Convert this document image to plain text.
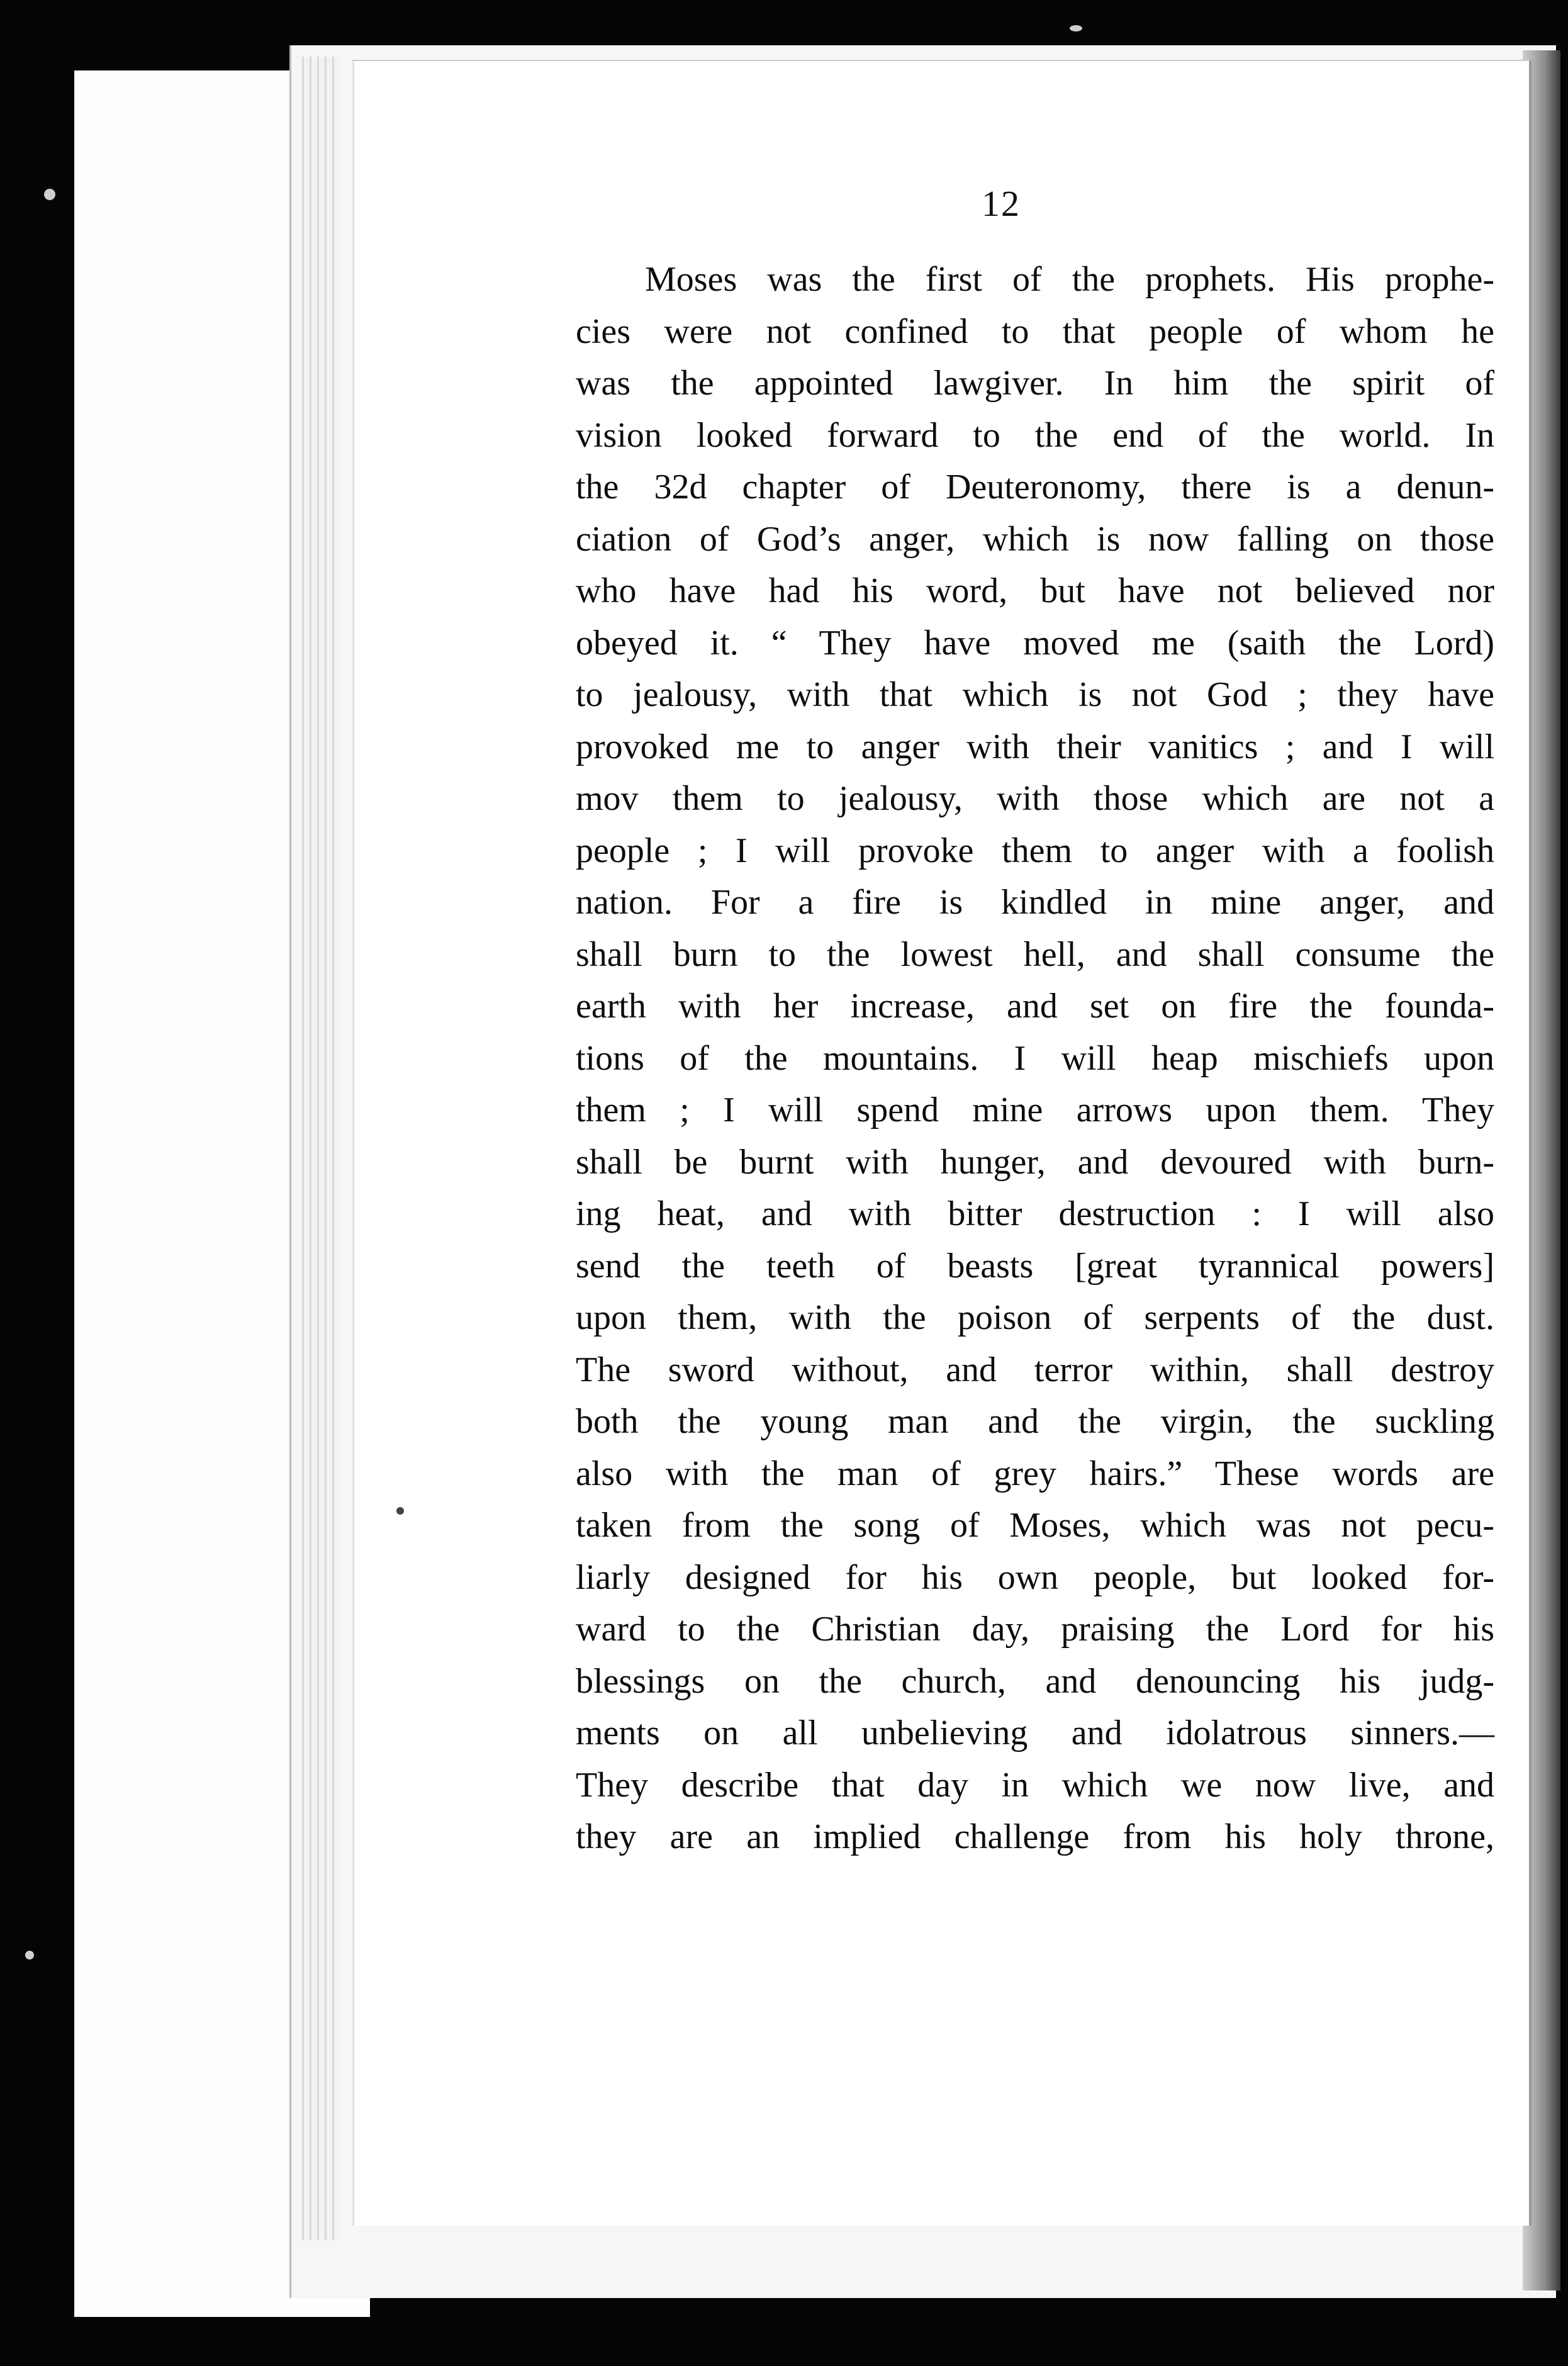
12
Moses was the first of the prophets. His prophe-
cies were not confined to that people of whom he
was the appointed lawgiver. In him the spirit of
vision looked forward to the end of the world. In
the 32d chapter of Deuteronomy, there is a denun-
ciation of God’s anger, which is now falling on those
who have had his word, but have not believed nor
obeyed it. “ They have moved me (saith the Lord)
to jealousy, with that which is not God ; they have
provoked me to anger with their vanitics ; and I will
mov them to jealousy, with those which are not a
people ; I will provoke them to anger with a foolish
nation. For a fire is kindled in mine anger, and
shall burn to the lowest hell, and shall consume the
earth with her increase, and set on fire the founda-
tions of the mountains. I will heap mischiefs upon
them ; I will spend mine arrows upon them. They
shall be burnt with hunger, and devoured with burn-
ing heat, and with bitter destruction : I will also
send the teeth of beasts [great tyrannical powers]
upon them, with the poison of serpents of the dust.
The sword without, and terror within, shall destroy
both the young man and the virgin, the suckling
also with the man of grey hairs.” These words are
taken from the song of Moses, which was not pecu-
liarly designed for his own people, but looked for-
ward to the Christian day, praising the Lord for his
blessings on the church, and denouncing his judg-
ments on all unbelieving and idolatrous sinners.—
They describe that day in which we now live, and
they are an implied challenge from his holy throne,
